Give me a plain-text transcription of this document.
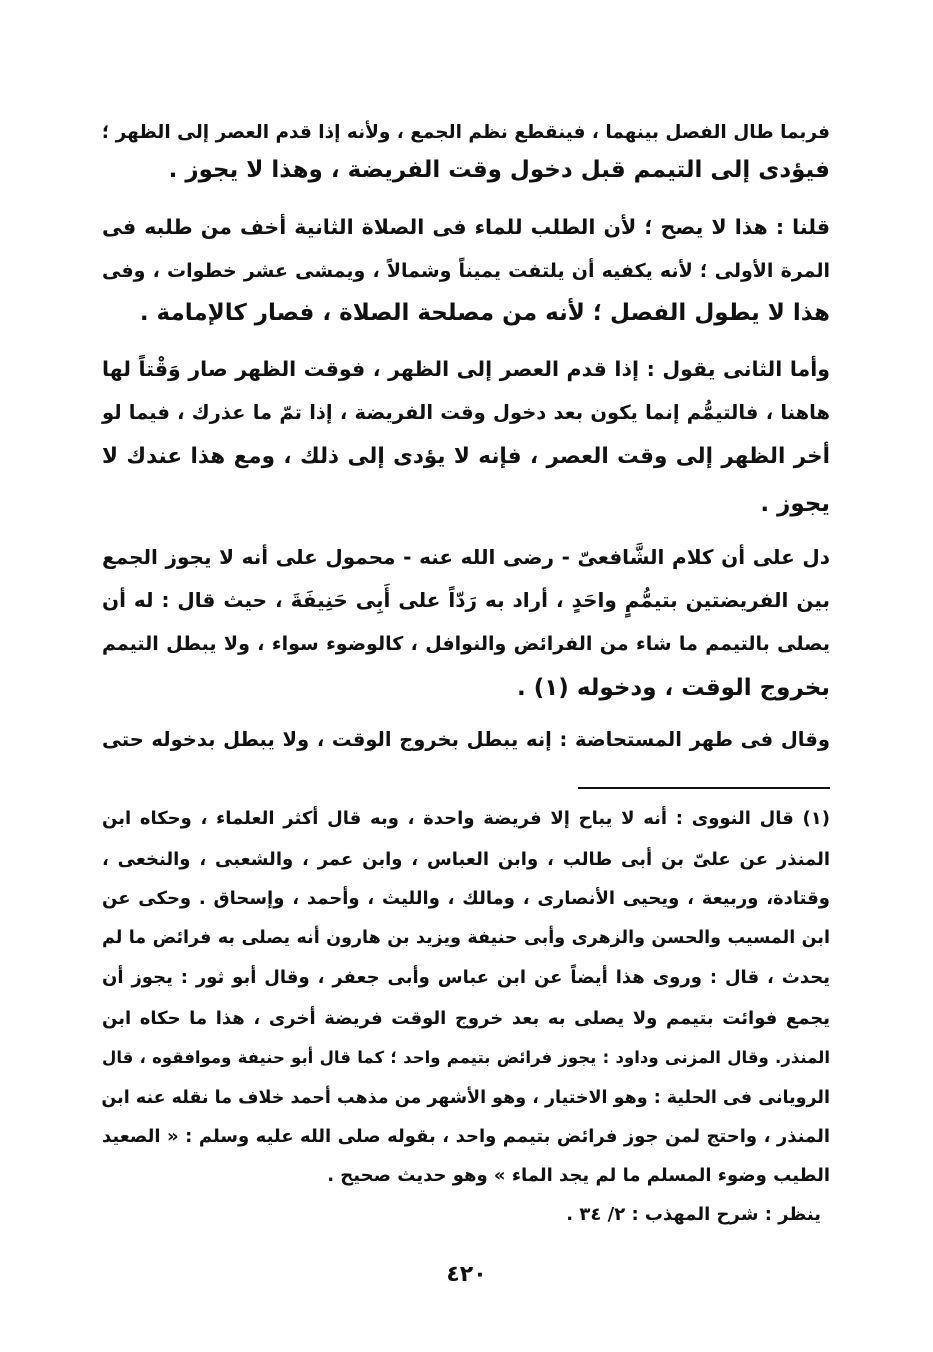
فربما طال الفصل بينهما ، فينقطع نظم الجمع ، ولأنه إذا قدم العصر إلى الظهر ؛
فيؤدى إلى التيمم قبل دخول وقت الفريضة ، وهذا لا يجوز .
قلنا : هذا لا يصح ؛ لأن الطلب للماء فى الصلاة الثانية أخف من طلبه فى
المرة الأولى ؛ لأنه يكفيه أن يلتفت يميناً وشمالاً ، ويمشى عشر خطوات ، وفى
هذا لا يطول الفصل ؛ لأنه من مصلحة الصلاة ، فصار كالإمامة .
وأما الثانى يقول : إذا قدم العصر إلى الظهر ، فوقت الظهر صار وَقْتاً لها
هاهنا ، فالتيمُّم إنما يكون بعد دخول وقت الفريضة ، إذا تمّ ما عذرك ، فيما لو
أخر الظهر إلى وقت العصر ، فإنه لا يؤدى إلى ذلك ، ومع هذا عندك لا
يجوز .
دل على أن كلام الشَّافعىّ - رضى الله عنه - محمول على أنه لا يجوز الجمع
بين الفريضتين بتيمُّمٍ واحَدٍ ، أراد به رَدّاً على أَبِى حَنِيفَةَ ، حيث قال : له أن
يصلى بالتيمم ما شاء من الفرائض والنوافل ، كالوضوء سواء ، ولا يبطل التيمم
بخروج الوقت ، ودخوله (١) .
وقال فى طهر المستحاضة : إنه يبطل بخروج الوقت ، ولا يبطل بدخوله حتى
(١) قال النووى : أنه لا يباح إلا فريضة واحدة ، وبه قال أكثر العلماء ، وحكاه ابن
المنذر عن علىّ بن أبى طالب ، وابن العباس ، وابن عمر ، والشعبى ، والنخعى ،
وقتادة، وربيعة ، ويحيى الأنصارى ، ومالك ، والليث ، وأحمد ، وإسحاق . وحكى عن
ابن المسيب والحسن والزهرى وأبى حنيفة ويزيد بن هارون أنه يصلى به فرائض ما لم
يحدث ، قال : وروى هذا أيضاً عن ابن عباس وأبى جعفر ، وقال أبو ثور : يجوز أن
يجمع فوائت بتيمم ولا يصلى به بعد خروج الوقت فريضة أخرى ، هذا ما حكاه ابن
المنذر. وقال المزنى وداود : يجوز فرائض بتيمم واحد ؛ كما قال أبو حنيفة وموافقوه ، قال
الرويانى فى الحلية : وهو الاختيار ، وهو الأشهر من مذهب أحمد خلاف ما نقله عنه ابن
المنذر ، واحتج لمن جوز فرائض بتيمم واحد ، بقوله صلى الله عليه وسلم : « الصعيد
الطيب وضوء المسلم ما لم يجد الماء » وهو حديث صحيح .
ينظر : شرح المهذب : ٢/ ٣٤ .
٤٢٠
